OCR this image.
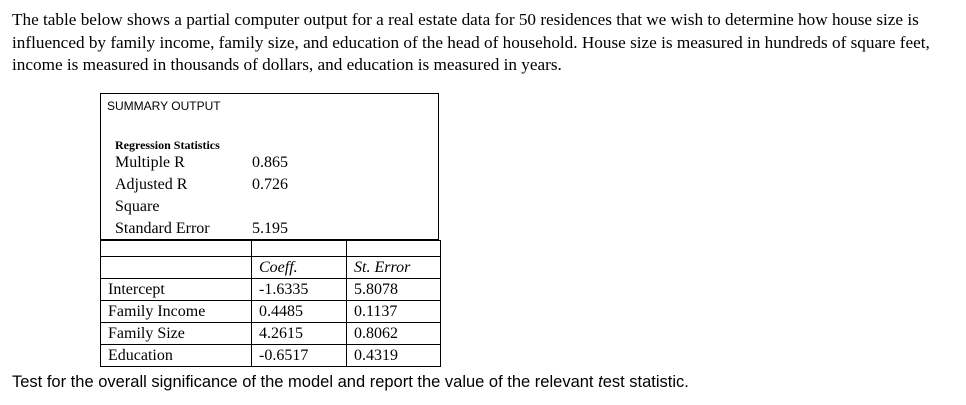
The table below shows a partial computer output for a real estate data for 50 residences that we wish to determine how house size is influenced by family income, family size, and education of the head of household. House size is measured in hundreds of square feet, income is measured in thousands of dollars, and education is measured in years.

SUMMARY OUTPUT
Regression Statistics
Multiple R	0.865
Adjusted R	0.726
Square
Standard Error	5.195

	Coeff.	St. Error
Intercept	-1.6335	5.8078
Family Income	0.4485	0.1137
Family Size	4.2615	0.8062
Education	-0.6517	0.4319

Test for the overall significance of the model and report the value of the relevant test statistic.
